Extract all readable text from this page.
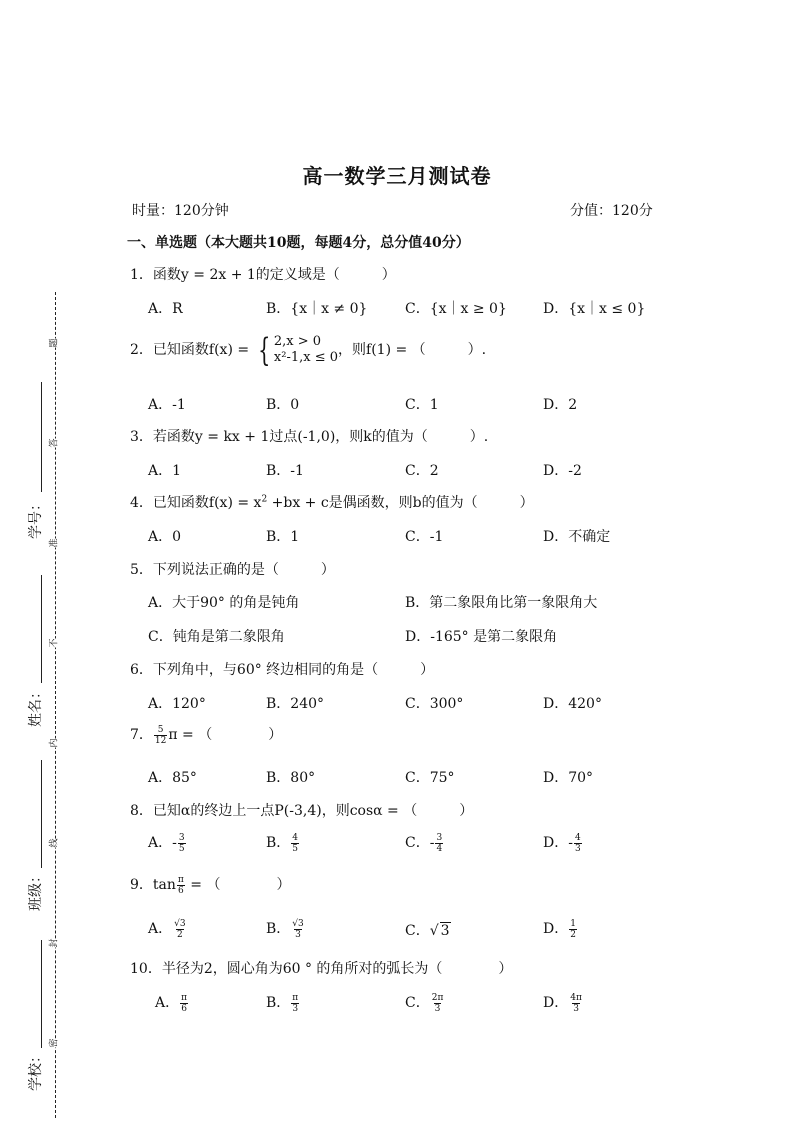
高一数学三月测试卷
时量：120分钟	分值：120分
一、单选题（本大题共10题，每题4分，总分值40分）
1．函数y = 2x + 1的定义域是（　　　）
A．R	B．{x｜x ≠ 0}	C．{x｜x ≥ 0}	D．{x｜x ≤ 0}
2．已知函数f(x) = { 2,x > 0
x²-1,x ≤ 0 ，则f(1) = （　　　）.
A．-1	B．0	C．1	D．2
3．若函数y = kx + 1过点(-1,0)，则k的值为（　　　）.
A．1	B．-1	C．2	D．-2
4．已知函数$f(x) = x^2 +bx + c$是偶函数，则b的值为（　　　）
A．0	B．1	C．-1	D．不确定
5．下列说法正确的是（　　　）
A．大于90° 的角是钝角	B．第二象限角比第一象限角大
C．钝角是第二象限角	D．-165° 是第二象限角
6．下列角中，与60° 终边相同的角是（　　　）
A．120°	B．240°	C．300°	D．420°
7． $\frac{5}{12}$ π = （　　　　）
A．85°	B．80°	C．75°	D．70°
8．已知α的终边上一点P(-3,4)，则cosα = （　　　）
A．- $\frac{3}{5}$	B． $\frac{4}{5}$	C．- $\frac{3}{4}$	D．- $\frac{4}{3}$
9．$\tan \frac{\pi}{6}$ = （　　　　）
A． $\frac{√3}{2}$	B． $\frac{√3}{3}$	C．√ 3	D． $\frac{1}{2}$
10．半径为2，圆心角为60 ° 的角所对的弧长为（　　　　）
A． $\frac{\pi}{6}$	B． $\frac{\pi}{3}$	C． $\frac{2\pi}{3}$	D． $\frac{4\pi}{3}$
学号：
姓名：
班级：
学校：
题
答
准
不
内
线
封
密
